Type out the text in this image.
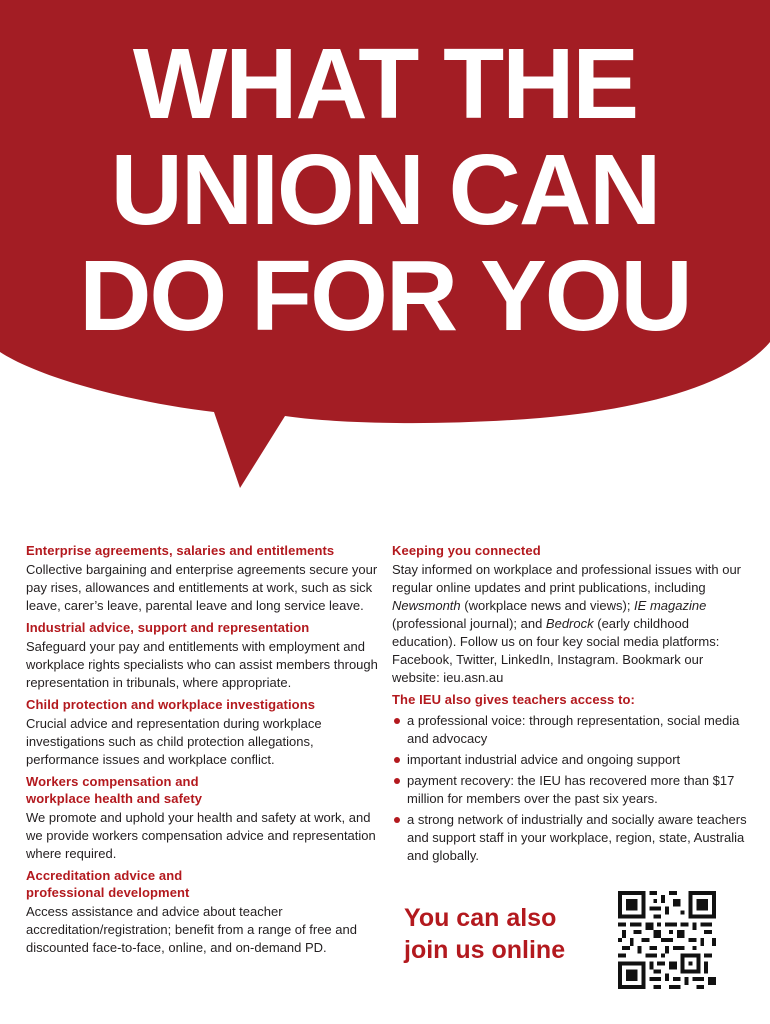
WHAT THE
UNION CAN
DO FOR YOU

Enterprise agreements, salaries and entitlements

Collective bargaining and enterprise agreements secure your pay rises, allowances and entitlements at work, such as sick leave, carer’s leave, parental leave and long service leave.

Industrial advice, support and representation

Safeguard your pay and entitlements with employment and workplace rights specialists who can assist members through representation in tribunals, where appropriate.

Child protection and workplace investigations

Crucial advice and representation during workplace investigations such as child protection allegations, performance issues and workplace conflict.

Workers compensation and

workplace health and safety

We promote and uphold your health and safety at work, and we provide workers compensation advice and representation where required.

Accreditation advice and

professional development

Access assistance and advice about teacher accreditation/registration; benefit from a range of free and discounted face-to-face, online, and on-demand PD.

Keeping you connected

Stay informed on workplace and professional issues with our regular online updates and print publications, including Newsmonth (workplace news and views); IE magazine (professional journal); and Bedrock (early childhood education). Follow us on four key social media platforms: Facebook, Twitter, LinkedIn, Instagram. Bookmark our website: ieu.asn.au

The IEU also gives teachers access to:

a professional voice: through representation, social media and advocacy
important industrial advice and ongoing support
payment recovery: the IEU has recovered more than $17 million for members over the past six years.
a strong network of industrially and socially aware teachers and support staff in your workplace, region, state, Australia and globally.
You can also
join us online
